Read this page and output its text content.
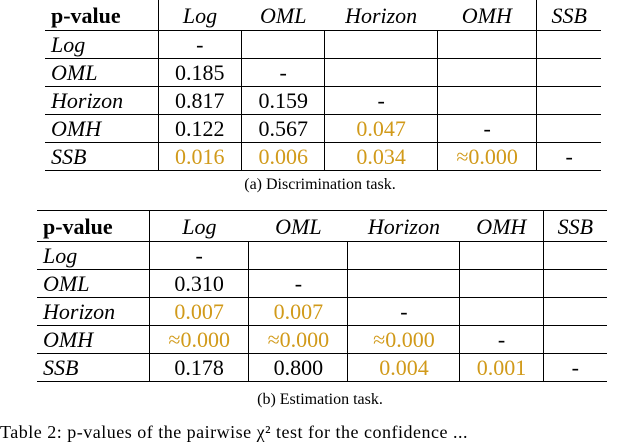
p-value	Log	OML	Horizon	OMH	SSB
Log	-				
OML	0.185	-			
Horizon	0.817	0.159	-		
OMH	0.122	0.567	0.047	-	
SSB	0.016	0.006	0.034	≈0.000	-
(a) Discrimination task.
p-value	Log	OML	Horizon	OMH	SSB
Log	-				
OML	0.310	-			
Horizon	0.007	0.007	-		
OMH	≈0.000	≈0.000	≈0.000	-	
SSB	0.178	0.800	0.004	0.001	-
(b) Estimation task.
Table 2: p-values of the pairwise χ² test for the confidence ...
